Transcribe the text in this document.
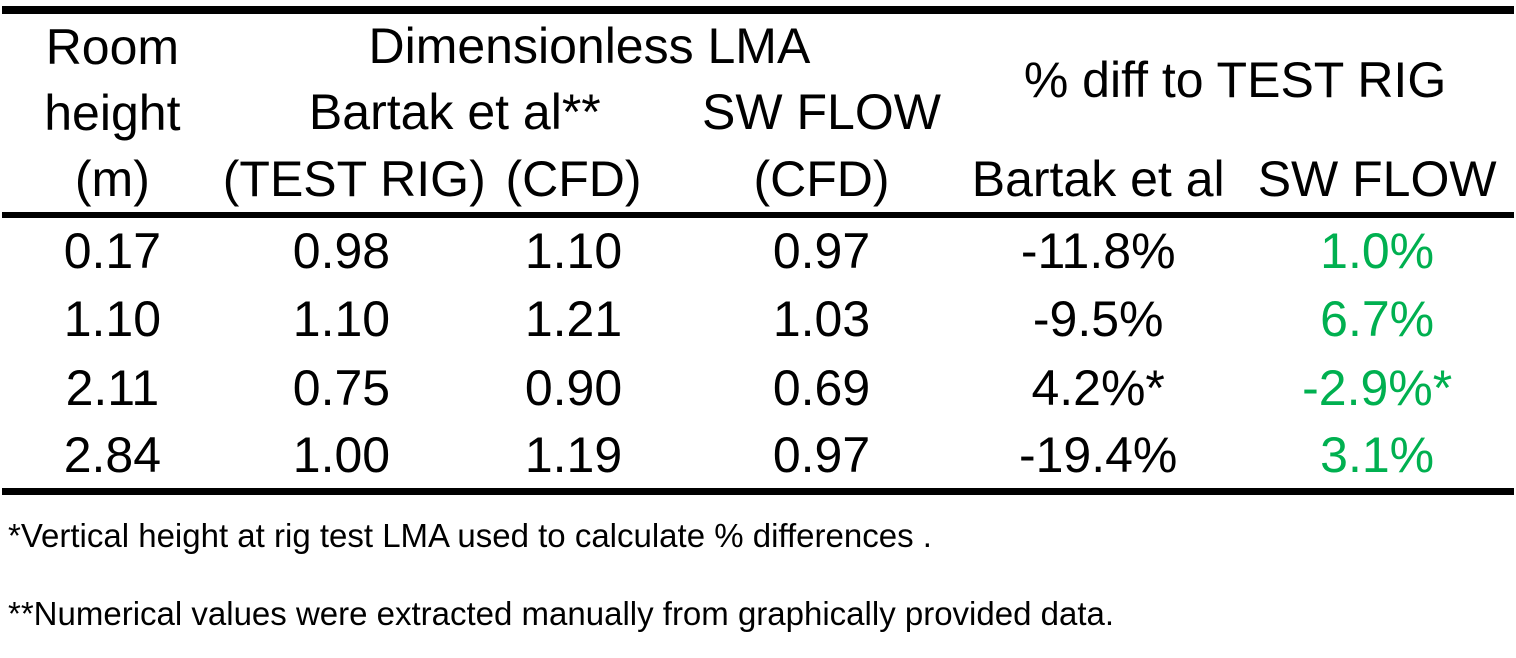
Room
height
(m)	Dimensionless LMA			% diff to TEST RIG	
	Bartak et al**		SW FLOW		
	(TEST RIG)	(CFD)	(CFD)	Bartak et al	SW FLOW
0.17	0.98	1.10	0.97	-11.8%	1.0%
1.10	1.10	1.21	1.03	-9.5%	6.7%
2.11	0.75	0.90	0.69	4.2%*	-2.9%*
2.84	1.00	1.19	0.97	-19.4%	3.1%

*Vertical height at rig test LMA used to calculate % differences .

**Numerical values were extracted manually from graphically provided data.
